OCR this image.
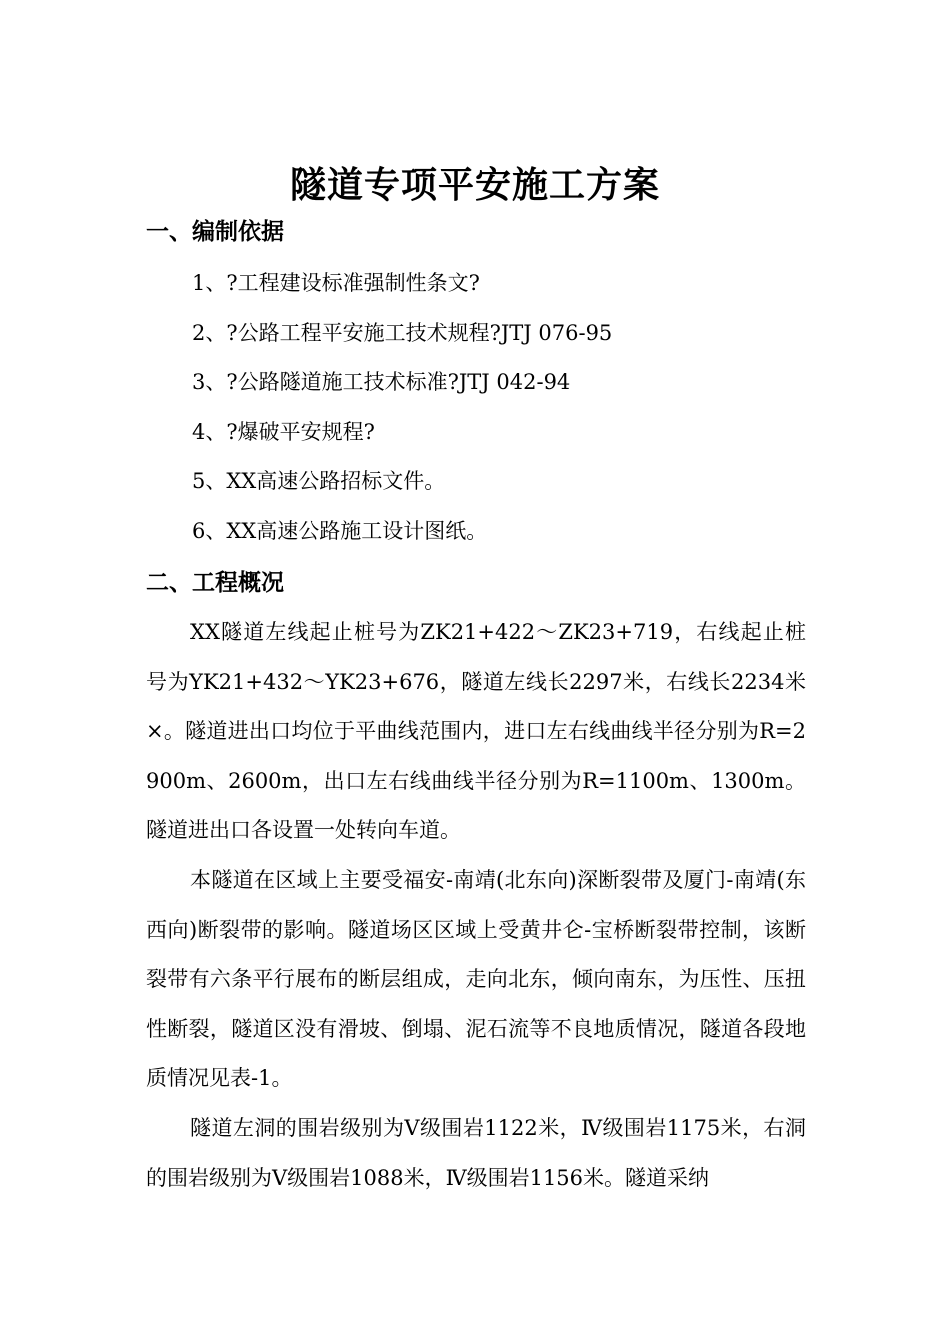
隧道专项平安施工方案
一、编制依据
1、?工程建设标准强制性条文?
2、?公路工程平安施工技术规程?JTJ 076-95
3、?公路隧道施工技术标准?JTJ 042-94
4、?爆破平安规程?
5、XX高速公路招标文件。
6、XX高速公路施工设计图纸。
二、工程概况
XX隧道左线起止桩号为ZK21+422～ZK23+719，右线起止桩号为YK21+432～YK23+676，隧道左线长2297米，右线长2234米×。隧道进出口均位于平曲线范围内，进口左右线曲线半径分别为R=2900m、2600m，出口左右线曲线半径分别为R=1100m、1300m。隧道进出口各设置一处转向车道。
本隧道在区域上主要受福安-南靖(北东向)深断裂带及厦门-南靖(东西向)断裂带的影响。隧道场区区域上受黄井仑-宝桥断裂带控制，该断裂带有六条平行展布的断层组成，走向北东，倾向南东，为压性、压扭性断裂，隧道区没有滑坡、倒塌、泥石流等不良地质情况，隧道各段地质情况见表-1。
隧道左洞的围岩级别为Ⅴ级围岩1122米，Ⅳ级围岩1175米，右洞的围岩级别为Ⅴ级围岩1088米，Ⅳ级围岩1156米。隧道采纳
